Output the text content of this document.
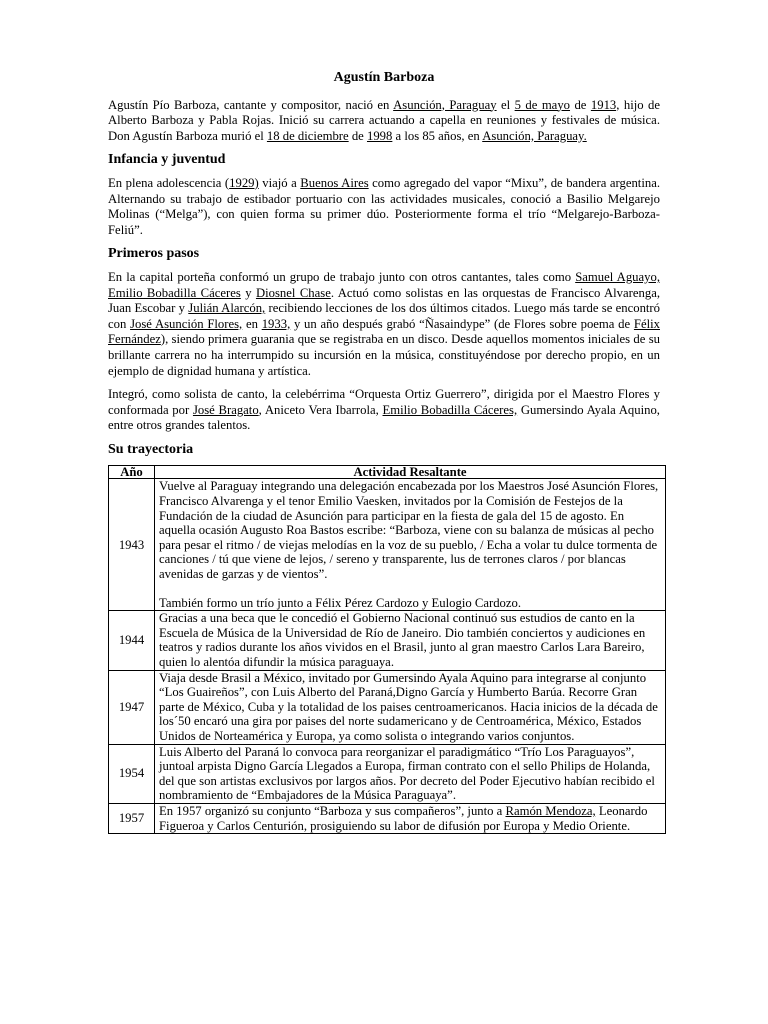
Agustín Barboza

Agustín Pío Barboza, cantante y compositor, nació en Asunción, Paraguay el 5 de mayo de 1913, hijo de Alberto Barboza y Pabla Rojas. Inició su carrera actuando a capella en reuniones y festivales de música. Don Agustín Barboza murió el 18 de diciembre de 1998 a los 85 años, en Asunción, Paraguay.

Infancia y juventud

En plena adolescencia (1929) viajó a Buenos Aires como agregado del vapor “Mixu”, de bandera argentina. Alternando su trabajo de estibador portuario con las actividades musicales, conoció a Basilio Melgarejo Molinas (“Melga”), con quien forma su primer dúo. Posteriormente forma el trío “Melgarejo-Barboza-Feliú”.

Primeros pasos

En la capital porteña conformó un grupo de trabajo junto con otros cantantes, tales como Samuel Aguayo, Emilio Bobadilla Cáceres y Diosnel Chase. Actuó como solistas en las orquestas de Francisco Alvarenga, Juan Escobar y Julián Alarcón, recibiendo lecciones de los dos últimos citados. Luego más tarde se encontró con José Asunción Flores, en 1933, y un año después grabó “Ñasaindype” (de Flores sobre poema de Félix Fernández), siendo primera guarania que se registraba en un disco. Desde aquellos momentos iniciales de su brillante carrera no ha interrumpido su incursión en la música, constituyéndose por derecho propio, en un ejemplo de dignidad humana y artística.

Integró, como solista de canto, la celebérrima “Orquesta Ortiz Guerrero”, dirigida por el Maestro Flores y conformada por José Bragato, Aniceto Vera Ibarrola, Emilio Bobadilla Cáceres, Gumersindo Ayala Aquino, entre otros grandes talentos.

Su trayectoria
Año	Actividad Resaltante
1943	Vuelve al Paraguay integrando una delegación encabezada por los Maestros José Asunción Flores, Francisco Alvarenga y el tenor Emilio Vaesken, invitados por la Comisión de Festejos de la Fundación de la ciudad de Asunción para participar en la fiesta de gala del 15 de agosto. En aquella ocasión Augusto Roa Bastos escribe: “Barboza, viene con su balanza de músicas al pecho para pesar el ritmo / de viejas melodías en la voz de su pueblo, / Echa a volar tu dulce tormenta de canciones / tú que viene de lejos, / sereno y transparente, lus de terrones claros / por blancas avenidas de garzas y de vientos”.
También formo un trío junto a Félix Pérez Cardozo y Eulogio Cardozo.

1944	Gracias a una beca que le concedió el Gobierno Nacional continuó sus estudios de canto en la Escuela de Música de la Universidad de Río de Janeiro. Dio también conciertos y audiciones en teatros y radios durante los años vividos en el Brasil, junto al gran maestro Carlos Lara Bareiro, quien lo alentóa difundir la música paraguaya.
1947	Viaja desde Brasil a México, invitado por Gumersindo Ayala Aquino para integrarse al conjunto “Los Guaireños”, con Luis Alberto del Paraná,Digno García y Humberto Barúa. Recorre Gran parte de México, Cuba y la totalidad de los paises centroamericanos. Hacia inicios de la década de los´50 encaró una gira por paises del norte sudamericano y de Centroamérica, México, Estados Unidos de Norteamérica y Europa, ya como solista o integrando varios conjuntos.
1954	Luis Alberto del Paraná lo convoca para reorganizar el paradigmático “Trío Los Paraguayos”, juntoal arpista Digno García Llegados a Europa, firman contrato con el sello Philips de Holanda, del que son artistas exclusivos por largos años. Por decreto del Poder Ejecutivo habían recibido el nombramiento de “Embajadores de la Música Paraguaya”.
1957	En 1957 organizó su conjunto “Barboza y sus compañeros”, junto a Ramón Mendoza, Leonardo Figueroa y Carlos Centurión, prosiguiendo su labor de difusión por Europa y Medio Oriente.
